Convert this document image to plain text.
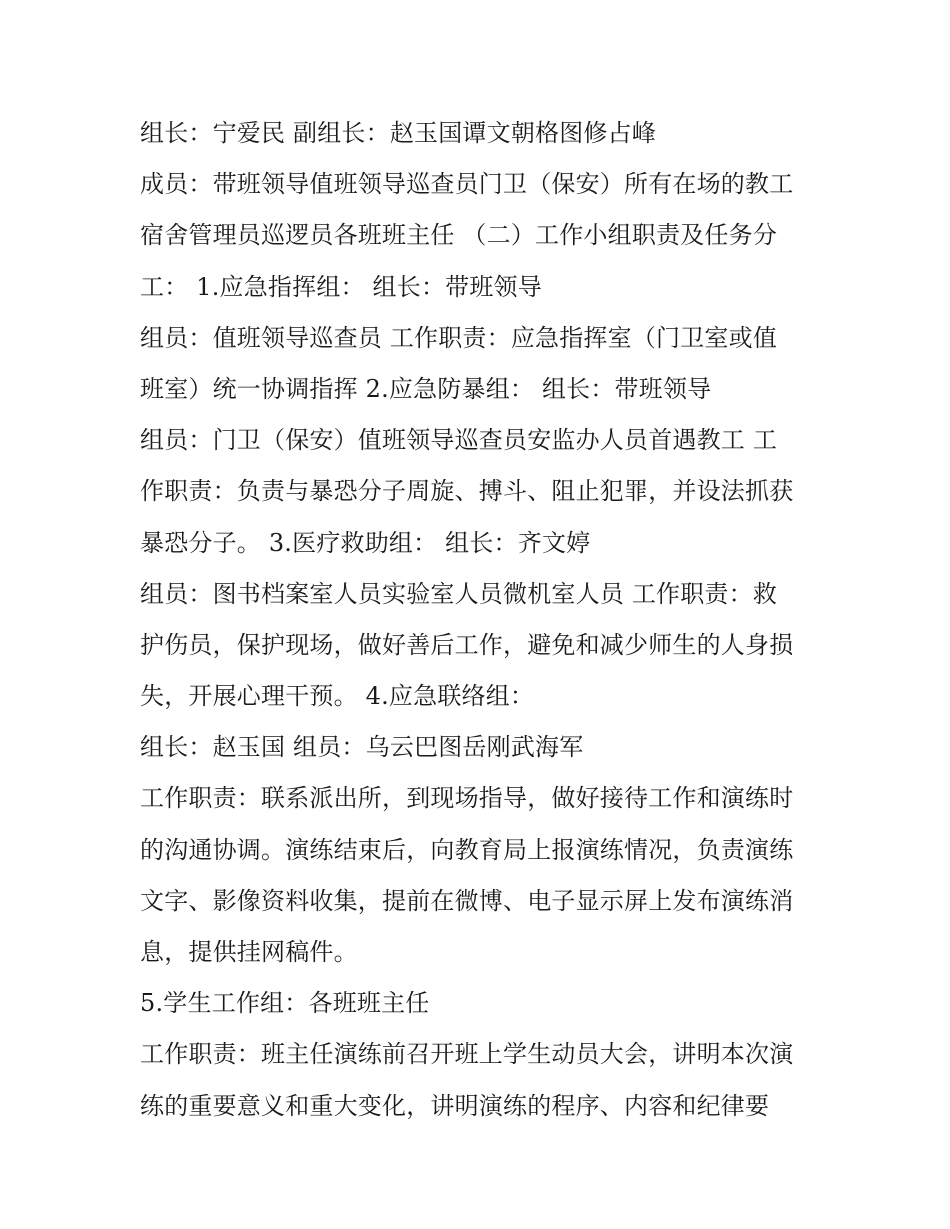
组长：宁爱民 副组长：赵玉国谭文朝格图修占峰
成员：带班领导值班领导巡查员门卫（保安）所有在场的教工
宿舍管理员巡逻员各班班主任 （二）工作小组职责及任务分
工： 1.应急指挥组： 组长：带班领导
组员：值班领导巡查员 工作职责：应急指挥室（门卫室或值
班室）统一协调指挥 2.应急防暴组： 组长：带班领导
组员：门卫（保安）值班领导巡查员安监办人员首遇教工 工
作职责：负责与暴恐分子周旋、搏斗、阻止犯罪，并设法抓获
暴恐分子。 3.医疗救助组： 组长：齐文婷
组员：图书档案室人员实验室人员微机室人员 工作职责：救
护伤员，保护现场，做好善后工作，避免和减少师生的人身损
失，开展心理干预。 4.应急联络组：
组长：赵玉国 组员：乌云巴图岳刚武海军
工作职责：联系派出所，到现场指导，做好接待工作和演练时
的沟通协调。演练结束后，向教育局上报演练情况，负责演练
文字、影像资料收集，提前在微博、电子显示屏上发布演练消
息，提供挂网稿件。
5.学生工作组：各班班主任
工作职责：班主任演练前召开班上学生动员大会，讲明本次演
练的重要意义和重大变化，讲明演练的程序、内容和纪律要
